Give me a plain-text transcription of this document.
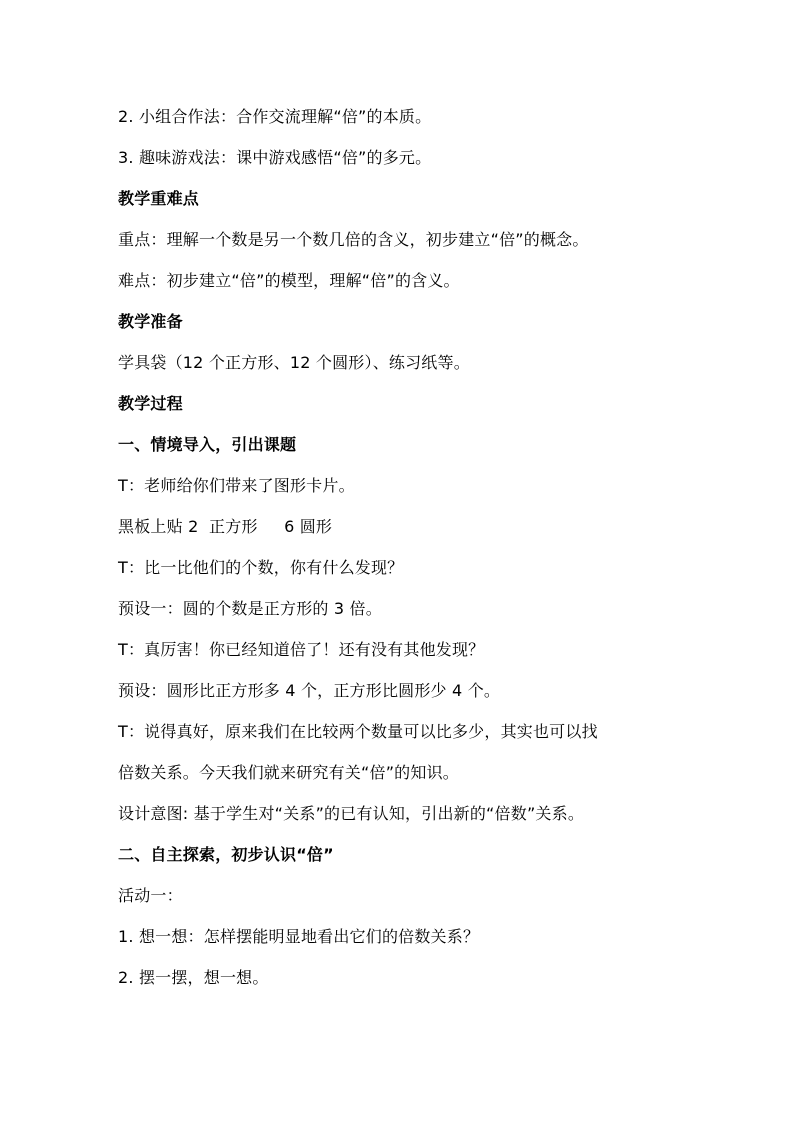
2. 小组合作法：合作交流理解“倍”的本质。
3. 趣味游戏法：课中游戏感悟“倍”的多元。
教学重难点
重点：理解一个数是另一个数几倍的含义，初步建立“倍”的概念。
难点：初步建立“倍”的模型，理解“倍”的含义。
教学准备
学具袋（12 个正方形、12 个圆形）、练习纸等。
教学过程
一、情境导入，引出课题
T：老师给你们带来了图形卡片。
黑板上贴 2  正方形     6 圆形
T：比一比他们的个数，你有什么发现？
预设一：圆的个数是正方形的 3 倍。
T：真厉害！你已经知道倍了！还有没有其他发现？
预设：圆形比正方形多 4 个，正方形比圆形少 4 个。
T：说得真好，原来我们在比较两个数量可以比多少，其实也可以找
倍数关系。今天我们就来研究有关“倍”的知识。
设计意图: 基于学生对“关系”的已有认知，引出新的“倍数”关系。
二、自主探索，初步认识“倍”
活动一：
1. 想一想：怎样摆能明显地看出它们的倍数关系？
2. 摆一摆，想一想。
